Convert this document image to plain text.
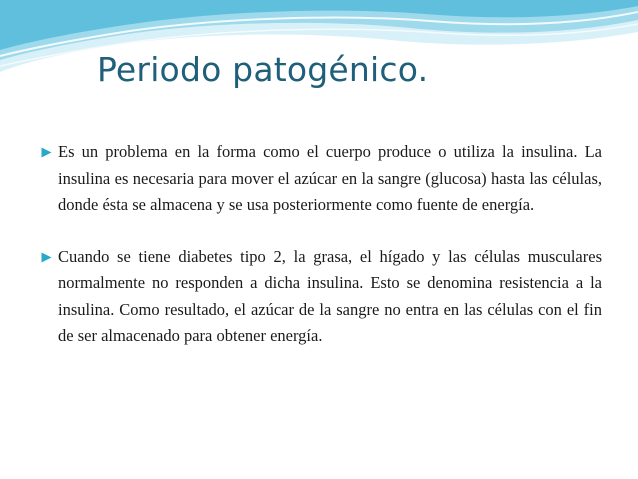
Periodo patogénico.
Es un problema en la forma como el cuerpo produce o utiliza la insulina. La insulina es necesaria para mover el azúcar en la sangre (glucosa) hasta las células, donde ésta se almacena y se usa posteriormente como fuente de energía.
Cuando se tiene diabetes tipo 2, la grasa, el hígado y las células musculares normalmente no responden a dicha insulina. Esto se denomina resistencia a la insulina. Como resultado, el azúcar de la sangre no entra en las células con el fin de ser almacenado para obtener energía.
